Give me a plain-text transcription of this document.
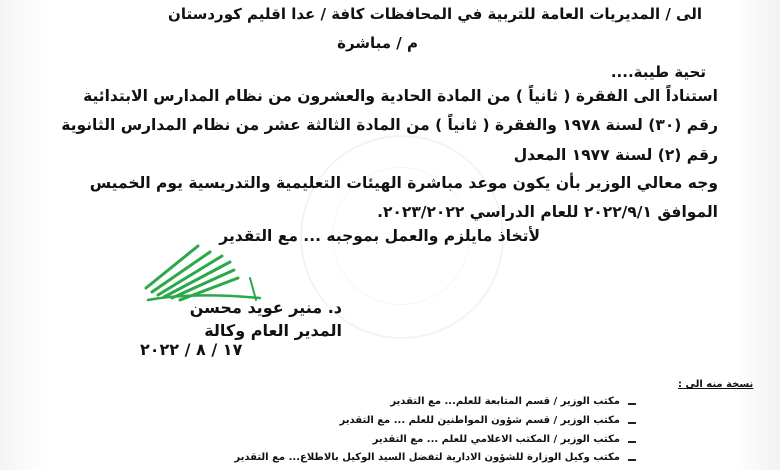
الى / المديريات العامة للتربية في المحافظات كافة / عدا اقليم كوردستان
م / مباشرة
تحية طيبة....
استناداً الى الفقرة ( ثانياً ) من المادة الحادية والعشرون من نظام المدارس الابتدائية
رقم (٣٠) لسنة ١٩٧٨ والفقرة ( ثانياً ) من المادة الثالثة عشر من نظام المدارس الثانوية
رقم (٢) لسنة ١٩٧٧ المعدل
وجه معالي الوزير بأن يكون موعد مباشرة الهيئات التعليمية والتدريسية يوم الخميس
الموافق ٢٠٢٢/٩/١ للعام الدراسي ٢٠٢٣/٢٠٢٢.
لأتخاذ مايلزم والعمل بموجبه ... مع التقدير
د. منير عويد محسن
المدير العام وكالة
١٧ / ٨ / ٢٠٢٢
نسخة منه الى :
مكتب الوزير / قسم المتابعة للعلم... مع التقدير
مكتب الوزير / قسم شؤون المواطنين للعلم ... مع التقدير
مكتب الوزير / المكتب الاعلامي للعلم ... مع التقدير
مكتب وكيل الوزارة للشؤون الادارية لتفضل السيد الوكيل بالاطلاع... مع التقدير
